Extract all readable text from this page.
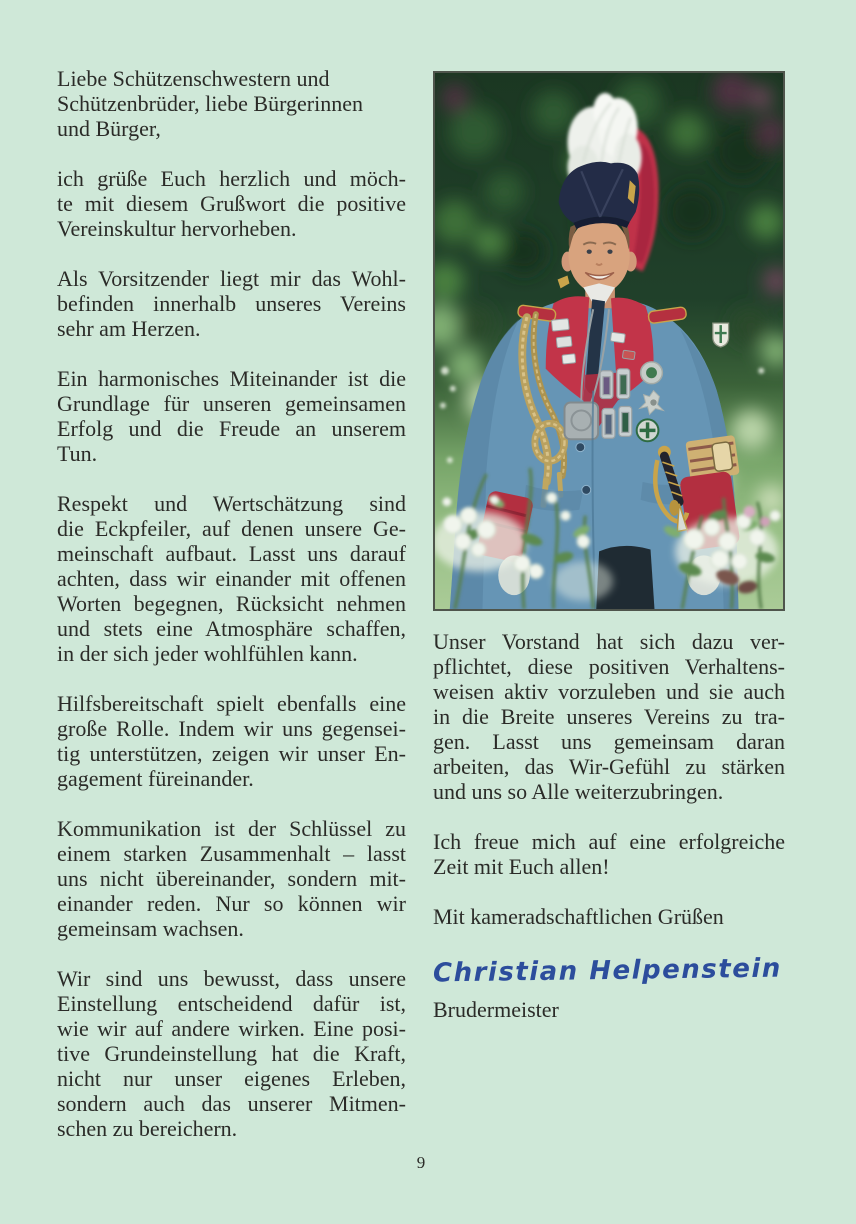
Liebe Schützenschwestern und
Schützenbrüder, liebe Bürgerinnen
und Bürger,
ich grüße Euch herzlich und möch-
te mit diesem Grußwort die positive
Vereinskultur hervorheben.
Als Vorsitzender liegt mir das Wohl-
befinden innerhalb unseres Vereins
sehr am Herzen.
Ein harmonisches Miteinander ist die
Grundlage für unseren gemeinsamen
Erfolg und die Freude an unserem
Tun.
Respekt und Wertschätzung sind
die Eckpfeiler, auf denen unsere Ge-
meinschaft aufbaut. Lasst uns darauf
achten, dass wir einander mit offenen
Worten begegnen, Rücksicht nehmen
und stets eine Atmosphäre schaffen,
in der sich jeder wohlfühlen kann.
Hilfsbereitschaft spielt ebenfalls eine
große Rolle. Indem wir uns gegensei-
tig unterstützen, zeigen wir unser En-
gagement füreinander.
Kommunikation ist der Schlüssel zu
einem starken Zusammenhalt – lasst
uns nicht übereinander, sondern mit-
einander reden. Nur so können wir
gemeinsam wachsen.
Wir sind uns bewusst, dass unsere
Einstellung entscheidend dafür ist,
wie wir auf andere wirken. Eine posi-
tive Grundeinstellung hat die Kraft,
nicht nur unser eigenes Erleben,
sondern auch das unserer Mitmen-
schen zu bereichern.
Unser Vorstand hat sich dazu ver-
pflichtet, diese positiven Verhaltens-
weisen aktiv vorzuleben und sie auch
in die Breite unseres Vereins zu tra-
gen. Lasst uns gemeinsam daran
arbeiten, das Wir-Gefühl zu stärken
und uns so Alle weiterzubringen.
Ich freue mich auf eine erfolgreiche
Zeit mit Euch allen!
Mit kameradschaftlichen Grüßen
Christian Helpenstein
Brudermeister
9
